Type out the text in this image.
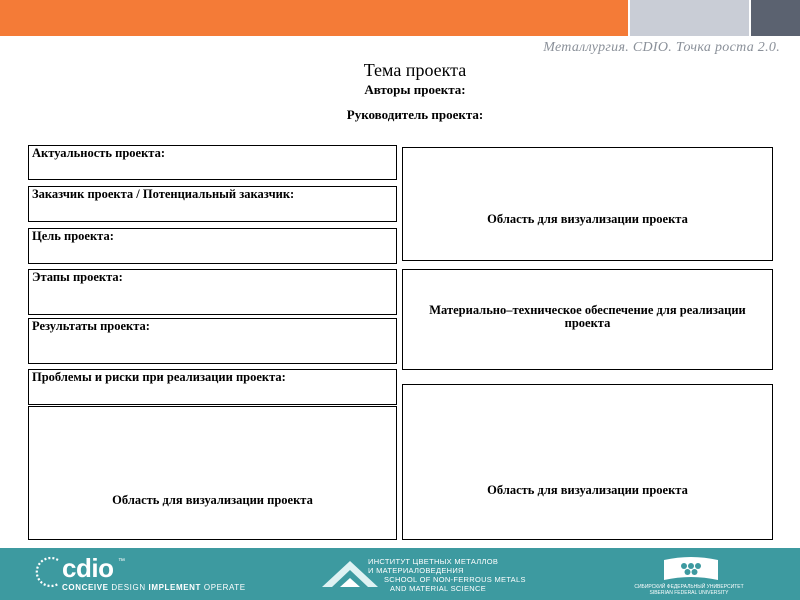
Металлургия. CDIO. Точка роста 2.0.
Тема проекта
Авторы проекта:
Руководитель проекта:
Актуальность проекта:
Заказчик проекта / Потенциальный заказчик:
Цель проекта:
Этапы проекта:
Результаты проекта:
Проблемы и риски при реализации проекта:
Область для визуализации проекта
Область для визуализации проекта
Материально–техническое обеспечение для реализации проекта
Область для визуализации проекта
cdio ™
CONCEIVE DESIGN IMPLEMENT OPERATE
ИНСТИТУТ ЦВЕТНЫХ МЕТАЛЛОВ
И МАТЕРИАЛОВЕДЕНИЯ
SCHOOL OF NON-FERROUS METALS
AND MATERIAL SCIENCE	СИБИРСКИЙ ФЕДЕРАЛЬНЫЙ УНИВЕРСИТЕТ
SIBERIAN FEDERAL UNIVERSITY
